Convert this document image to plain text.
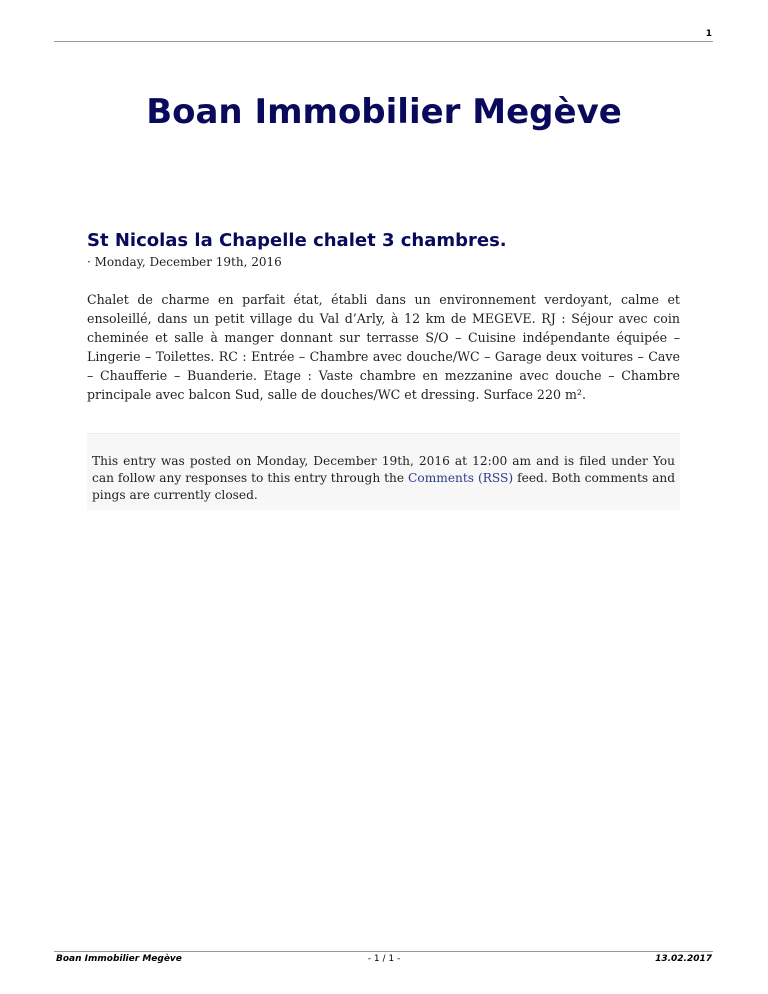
1
Boan Immobilier Megève
St Nicolas la Chapelle chalet 3 chambres.
· Monday, December 19th, 2016

Chalet de charme en parfait état, établi dans un environnement verdoyant, calme et ensoleillé, dans un petit village du Val d’Arly, à 12 km de MEGEVE. RJ : Séjour avec coin cheminée et salle à manger donnant sur terrasse S/O – Cuisine indépendante équipée – Lingerie – Toilettes. RC : Entrée – Chambre avec douche/WC – Garage deux voitures – Cave – Chaufferie – Buanderie. Etage : Vaste chambre en mezzanine avec douche – Chambre principale avec balcon Sud, salle de douches/WC et dressing. Surface 220 m².

This entry was posted on Monday, December 19th, 2016 at 12:00 am and is filed under You can follow any responses to this entry through the Comments (RSS) feed. Both comments and pings are currently closed.

Boan Immobilier Megève	- 1 / 1 -	13.02.2017
